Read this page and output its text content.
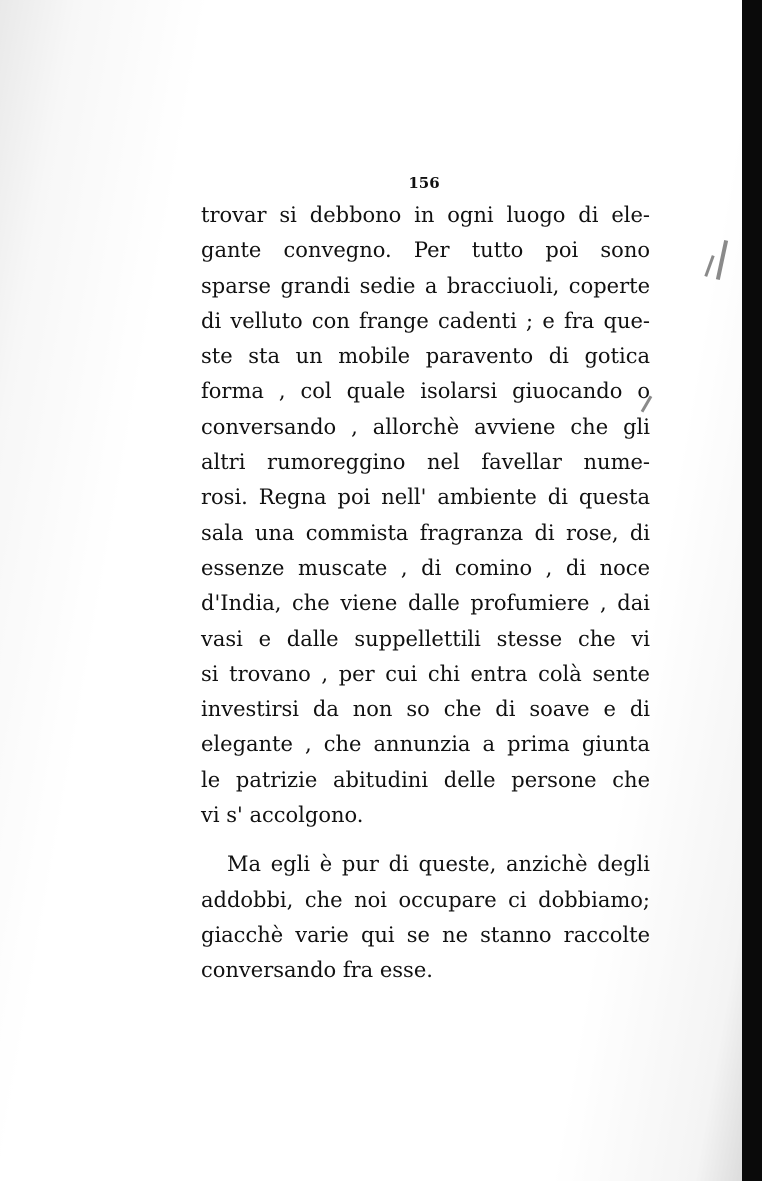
156
trovar si debbono in ogni luogo di ele-
gante convegno. Per tutto poi sono
sparse grandi sedie a bracciuoli, coperte
di velluto con frange cadenti ; e fra que-
ste sta un mobile paravento di gotica
forma , col quale isolarsi giuocando o
conversando , allorchè avviene che gli
altri rumoreggino nel favellar nume-
rosi. Regna poi nell' ambiente di questa
sala una commista fragranza di rose, di
essenze muscate , di comino , di noce
d'India, che viene dalle profumiere , dai
vasi e dalle suppellettili stesse che vi
si trovano , per cui chi entra colà sente
investirsi da non so che di soave e di
elegante , che annunzia a prima giunta
le patrizie abitudini delle persone che
vi s' accolgono.
Ma egli è pur di queste, anzichè degli
addobbi, che noi occupare ci dobbiamo;
giacchè varie qui se ne stanno raccolte
conversando fra esse.
